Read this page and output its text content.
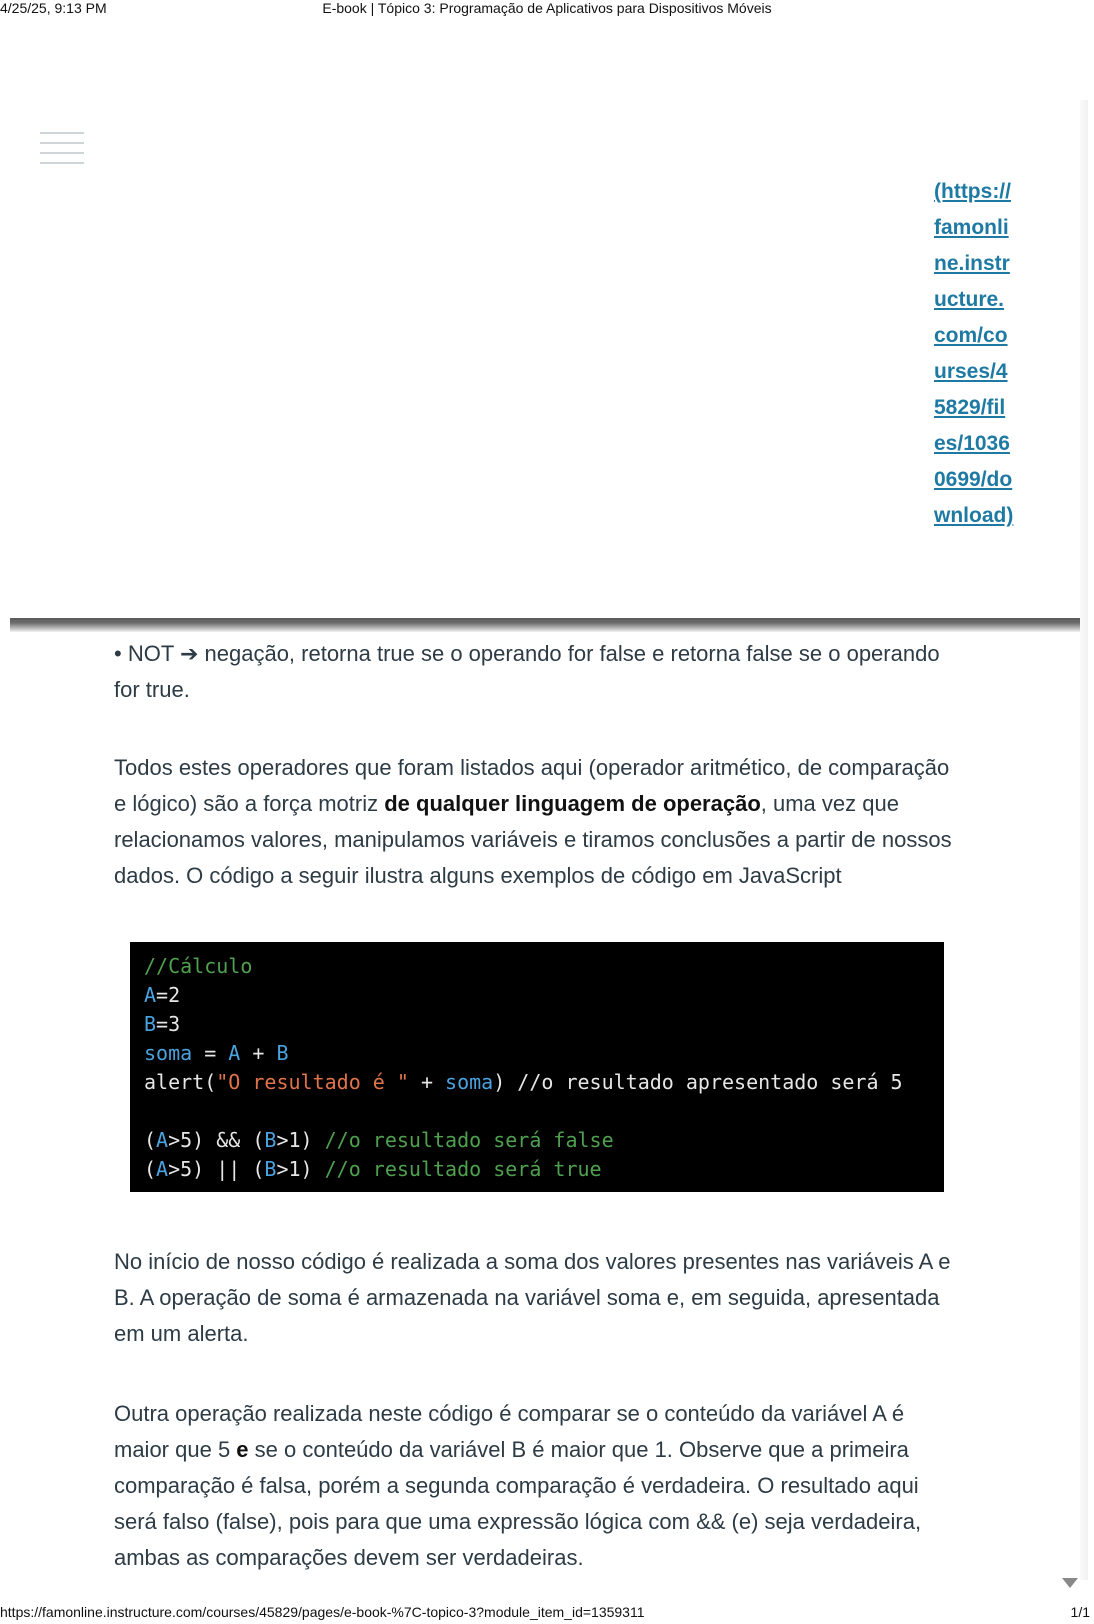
4/25/25, 9:13 PM	E-book | Tópico 3: Programação de Aplicativos para Dispositivos Móveis
(https://famonline.instructure.com/courses/45829/files/10360699/download)

• NOT ➔ negação, retorna true se o operando for false e retorna false se o operando for true.

Todos estes operadores que foram listados aqui (operador aritmético, de comparação e lógico) são a força motriz de qualquer linguagem de operação, uma vez que relacionamos valores, manipulamos variáveis e tiramos conclusões a partir de nossos dados. O código a seguir ilustra alguns exemplos de código em JavaScript

//Cálculo
A=2
B=3
soma = A + B
alert("O resultado é " + soma) //o resultado apresentado será 5
(A>5) && (B>1) //o resultado será false
(A>5) || (B>1) //o resultado será true

No início de nosso código é realizada a soma dos valores presentes nas variáveis A e B. A operação de soma é armazenada na variável soma e, em seguida, apresentada em um alerta.

Outra operação realizada neste código é comparar se o conteúdo da variável A é maior que 5 e se o conteúdo da variável B é maior que 1. Observe que a primeira comparação é falsa, porém a segunda comparação é verdadeira. O resultado aqui será falso (false), pois para que uma expressão lógica com && (e) seja verdadeira, ambas as comparações devem ser verdadeiras.

https://famonline.instructure.com/courses/45829/pages/e-book-%7C-topico-3?module_item_id=1359311	1/1
